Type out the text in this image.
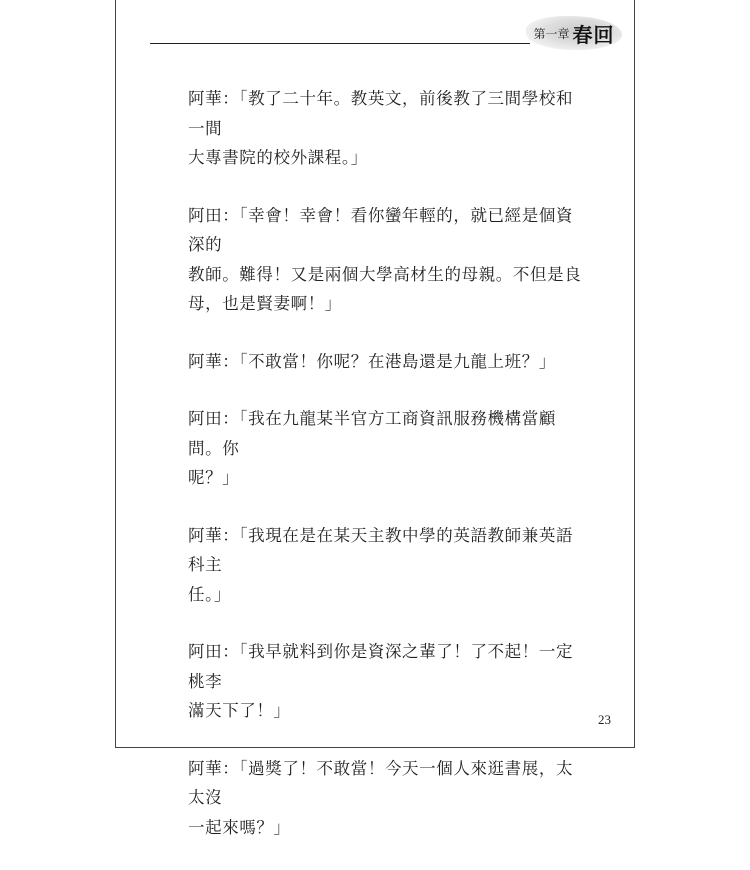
第一章 春回

阿華：「教了二十年。教英文，前後教了三間學校和一間
大專書院的校外課程。」

阿田：「幸會！幸會！看你蠻年輕的，就已經是個資深的
教師。難得！又是兩個大學高材生的母親。不但是良
母，也是賢妻啊！」

阿華：「不敢當！你呢？在港島還是九龍上班？」

阿田：「我在九龍某半官方工商資訊服務機構當顧問。你
呢？」

阿華：「我現在是在某天主教中學的英語教師兼英語科主
任。」

阿田：「我早就料到你是資深之輩了！了不起！一定桃李
滿天下了！」

阿華：「過獎了！不敢當！今天一個人來逛書展，太太沒
一起來嗎？」

23
